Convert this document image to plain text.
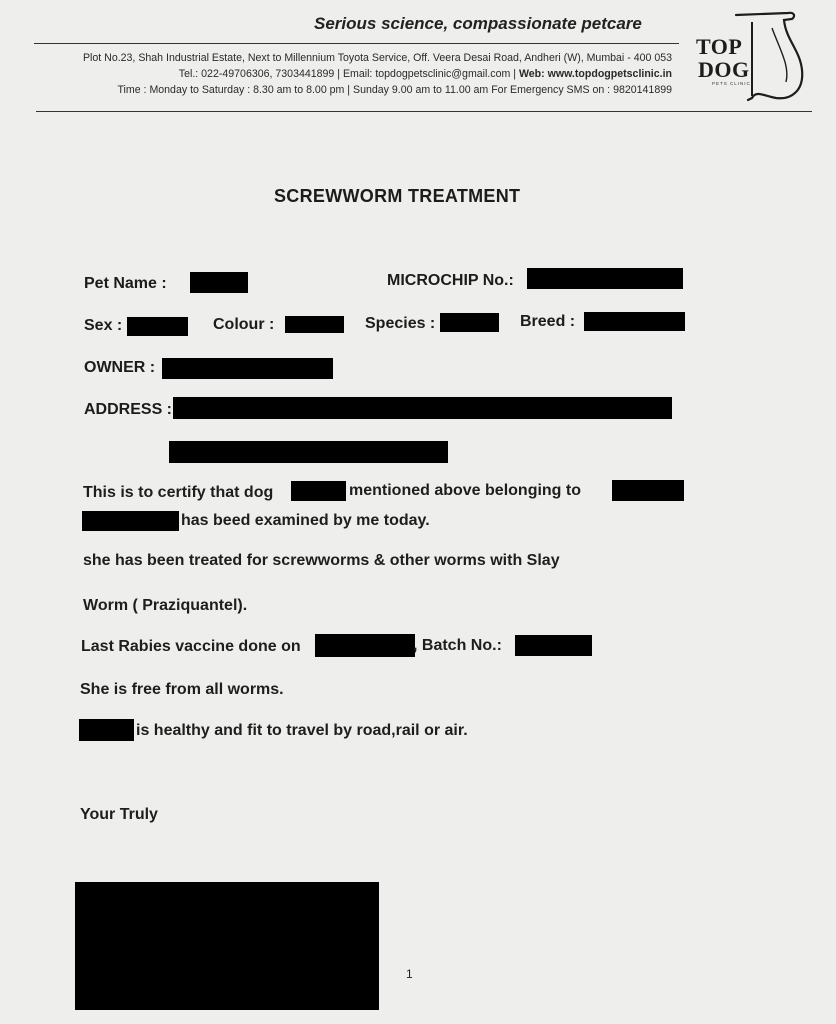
Serious science, compassionate petcare
Plot No.23, Shah Industrial Estate, Next to Millennium Toyota Service, Off. Veera Desai Road, Andheri (W), Mumbai - 400 053
Tel.: 022-49706306, 7303441899 | Email: topdogpetsclinic@gmail.com | Web: www.topdogpetsclinic.in
Time : Monday to Saturday : 8.30 am to 8.00 pm | Sunday 9.00 am to 11.00 am For Emergency SMS on : 9820141899
TOP
DOG
PETS CLINIC
SCREWWORM TREATMENT
Pet Name :	MICROCHIP No.:
Sex :	Colour :	Species :	Breed :
OWNER :
ADDRESS :
This is to certify that dog	mentioned above belonging to
has beed examined by me today.
she has been treated for screwworms & other worms with Slay
Worm ( Praziquantel).
Last Rabies vaccine done on	, Batch No.:
She is free from all worms.
is healthy and fit to travel by road,rail or air.
Your Truly
1
